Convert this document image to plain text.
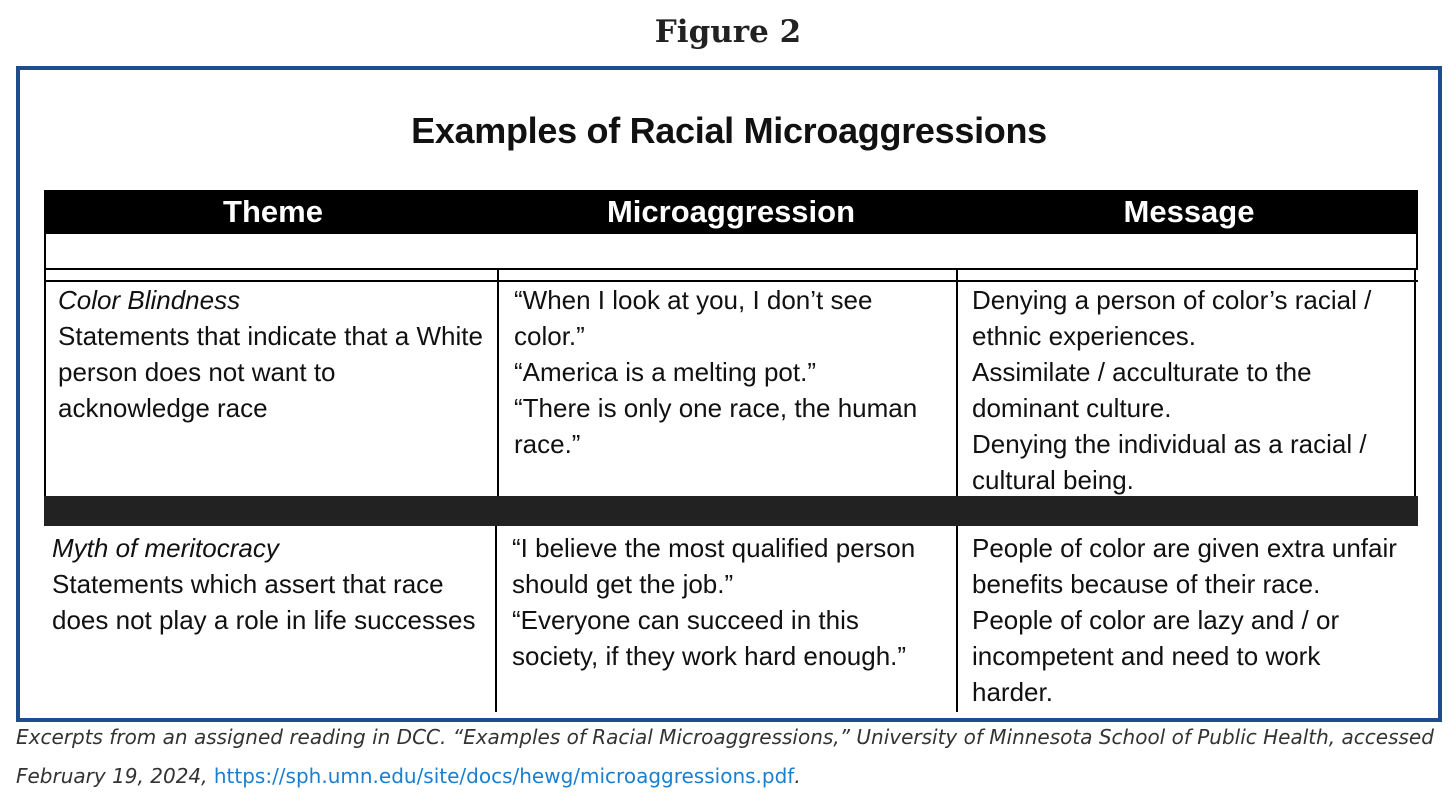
Figure 2
Examples of Racial Microaggressions
Theme	Microaggression	Message
Color Blindness
Statements that indicate that a White
person does not want to
acknowledge race
“When I look at you, I don’t see
color.”
“America is a melting pot.”
“There is only one race, the human
race.”
Denying a person of color’s racial /
ethnic experiences.
Assimilate / acculturate to the
dominant culture.
Denying the individual as a racial /
cultural being.
Myth of meritocracy
Statements which assert that race
does not play a role in life successes
“I believe the most qualified person
should get the job.”
“Everyone can succeed in this
society, if they work hard enough.”
People of color are given extra unfair
benefits because of their race.
People of color are lazy and / or
incompetent and need to work
harder.
Excerpts from an assigned reading in DCC. “Examples of Racial Microaggressions,” University of Minnesota School of Public Health, accessed February 19, 2024, https://sph.umn.edu/site/docs/hewg/microaggressions.pdf.
